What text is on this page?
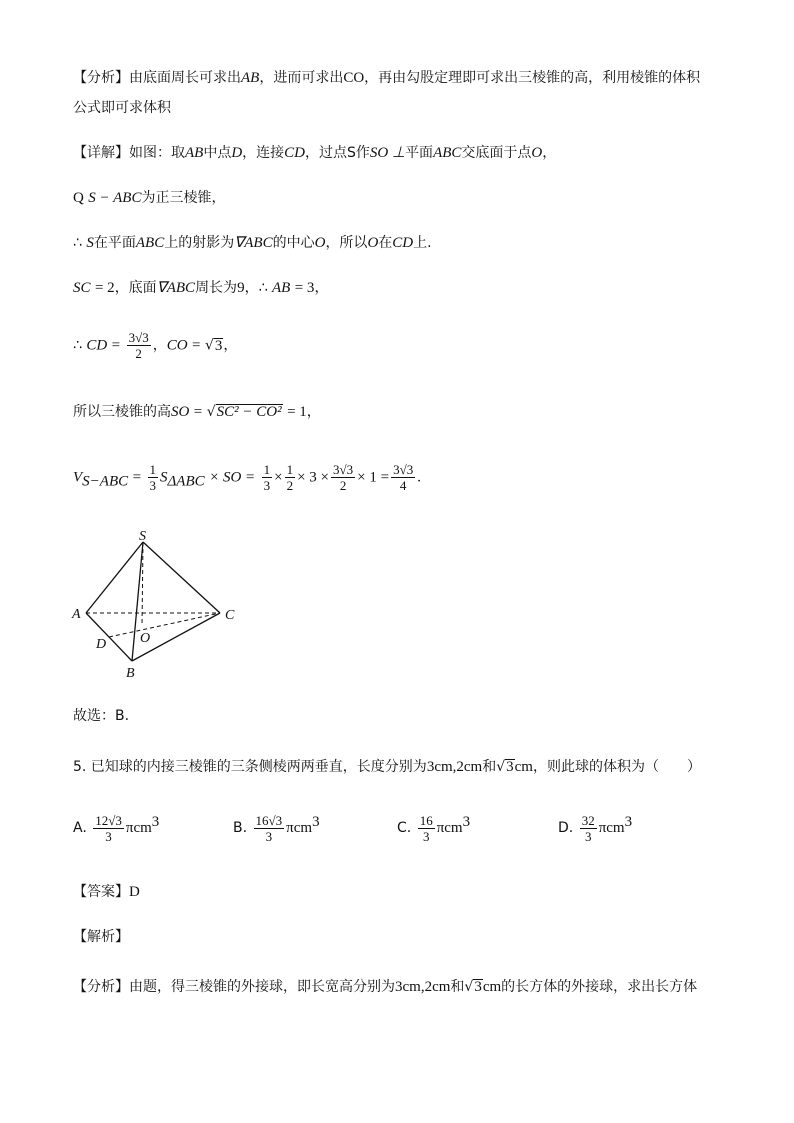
【分析】由底面周长可求出AB，进而可求出CO，再由勾股定理即可求出三棱锥的高，利用棱锥的体积
公式即可求体积
【详解】如图：取AB中点D，连接CD，过点S作SO ⊥平面ABC交底面于点O，
Q S − ABC为正三棱锥，
∴ S在平面ABC上的射影为∇ABC的中心O，所以O在CD上.
SC = 2，底面∇ABC周长为9，∴ AB = 3，
∴ CD = $\frac{3√3}{2}$ ，CO = √3，
所以三棱锥的高SO = √SC² − CO² = 1，
$V_{S-ABC} = \frac{1}{3} S_{\Delta ABC}$ × SO = $\frac{1}{3} \times \frac{1}{2} \times 3 \times \frac{3√3}{2} \times 1 = \frac{3√3}{4}$ .
S
A	C
O
D
B
故选：B.
5. 已知球的内接三棱锥的三条侧棱两两垂直，长度分别为3cm,2cm和√3cm，则此球的体积为（　　）
A. $\frac{12√3}{3} \pi cm^3$	B. $\frac{16√3}{3} \pi cm^3$	C. $\frac{16}{3} \pi cm^3$	D. $\frac{32}{3} \pi cm^3$
【答案】D
【解析】
【分析】由题，得三棱锥的外接球，即长宽高分别为3cm,2cm和√3cm的长方体的外接球，求出长方体
